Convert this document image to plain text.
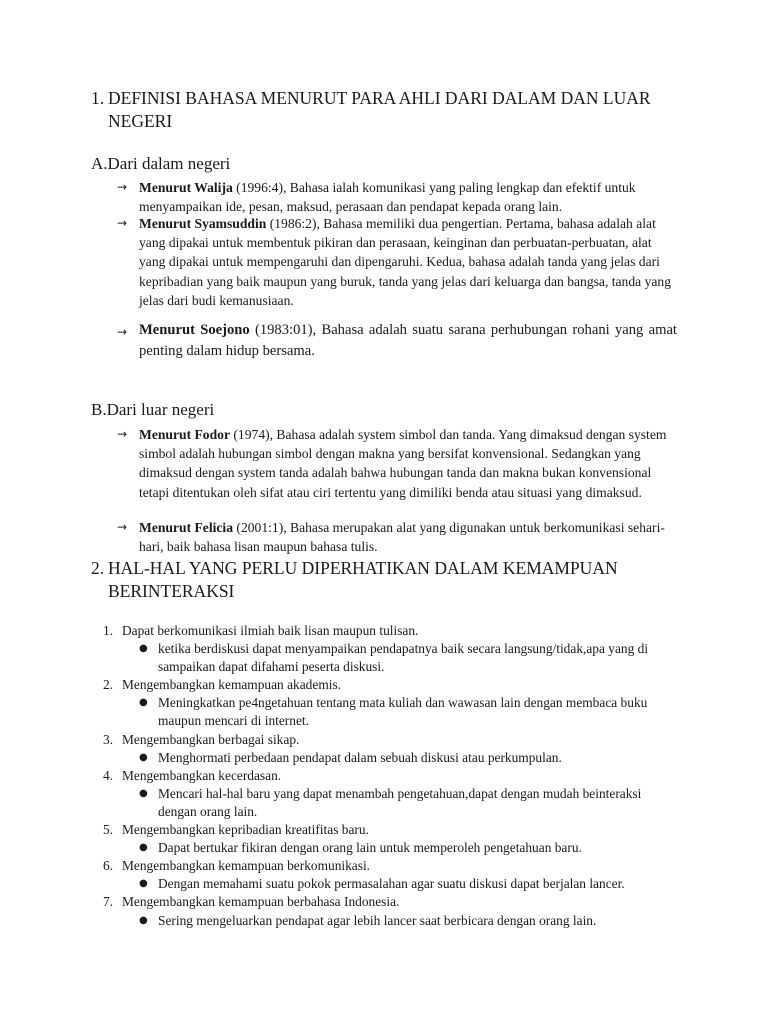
1. DEFINISI BAHASA MENURUT PARA AHLI DARI DALAM DAN LUAR
NEGERI
A.Dari dalam negeri
→ Menurut Walija (1996:4), Bahasa ialah komunikasi yang paling lengkap dan efektif untuk menyampaikan ide, pesan, maksud, perasaan dan pendapat kepada orang lain.
→ Menurut Syamsuddin (1986:2), Bahasa memiliki dua pengertian. Pertama, bahasa adalah alat yang dipakai untuk membentuk pikiran dan perasaan, keinginan dan perbuatan-perbuatan, alat yang dipakai untuk mempengaruhi dan dipengaruhi. Kedua, bahasa adalah tanda yang jelas dari kepribadian yang baik maupun yang buruk, tanda yang jelas dari keluarga dan bangsa, tanda yang jelas dari budi kemanusiaan.
→ Menurut Soejono (1983:01), Bahasa adalah suatu sarana perhubungan rohani yang amat penting dalam hidup bersama.
B.Dari luar negeri
→ Menurut Fodor (1974), Bahasa adalah system simbol dan tanda. Yang dimaksud dengan system simbol adalah hubungan simbol dengan makna yang bersifat konvensional. Sedangkan yang dimaksud dengan system tanda adalah bahwa hubungan tanda dan makna bukan konvensional tetapi ditentukan oleh sifat atau ciri tertentu yang dimiliki benda atau situasi yang dimaksud.
→ Menurut Felicia (2001:1), Bahasa merupakan alat yang digunakan untuk berkomunikasi sehari-hari, baik bahasa lisan maupun bahasa tulis.
2. HAL-HAL YANG PERLU DIPERHATIKAN DALAM KEMAMPUAN
BERINTERAKSI
1. Dapat berkomunikasi ilmiah baik lisan maupun tulisan.
● ketika berdiskusi dapat menyampaikan pendapatnya baik secara langsung/tidak,apa yang di sampaikan dapat difahami peserta diskusi.
2. Mengembangkan kemampuan akademis.
● Meningkatkan pe4ngetahuan tentang mata kuliah dan wawasan lain dengan membaca buku maupun mencari di internet.
3. Mengembangkan berbagai sikap.
● Menghormati perbedaan pendapat dalam sebuah diskusi atau perkumpulan.
4. Mengembangkan kecerdasan.
● Mencari hal-hal baru yang dapat menambah pengetahuan,dapat dengan mudah beinteraksi dengan orang lain.
5. Mengembangkan kepribadian kreatifitas baru.
● Dapat bertukar fikiran dengan orang lain untuk memperoleh pengetahuan baru.
6. Mengembangkan kemampuan berkomunikasi.
● Dengan memahami suatu pokok permasalahan agar suatu diskusi dapat berjalan lancer.
7. Mengembangkan kemampuan berbahasa Indonesia.
● Sering mengeluarkan pendapat agar lebih lancer saat berbicara dengan orang lain.
